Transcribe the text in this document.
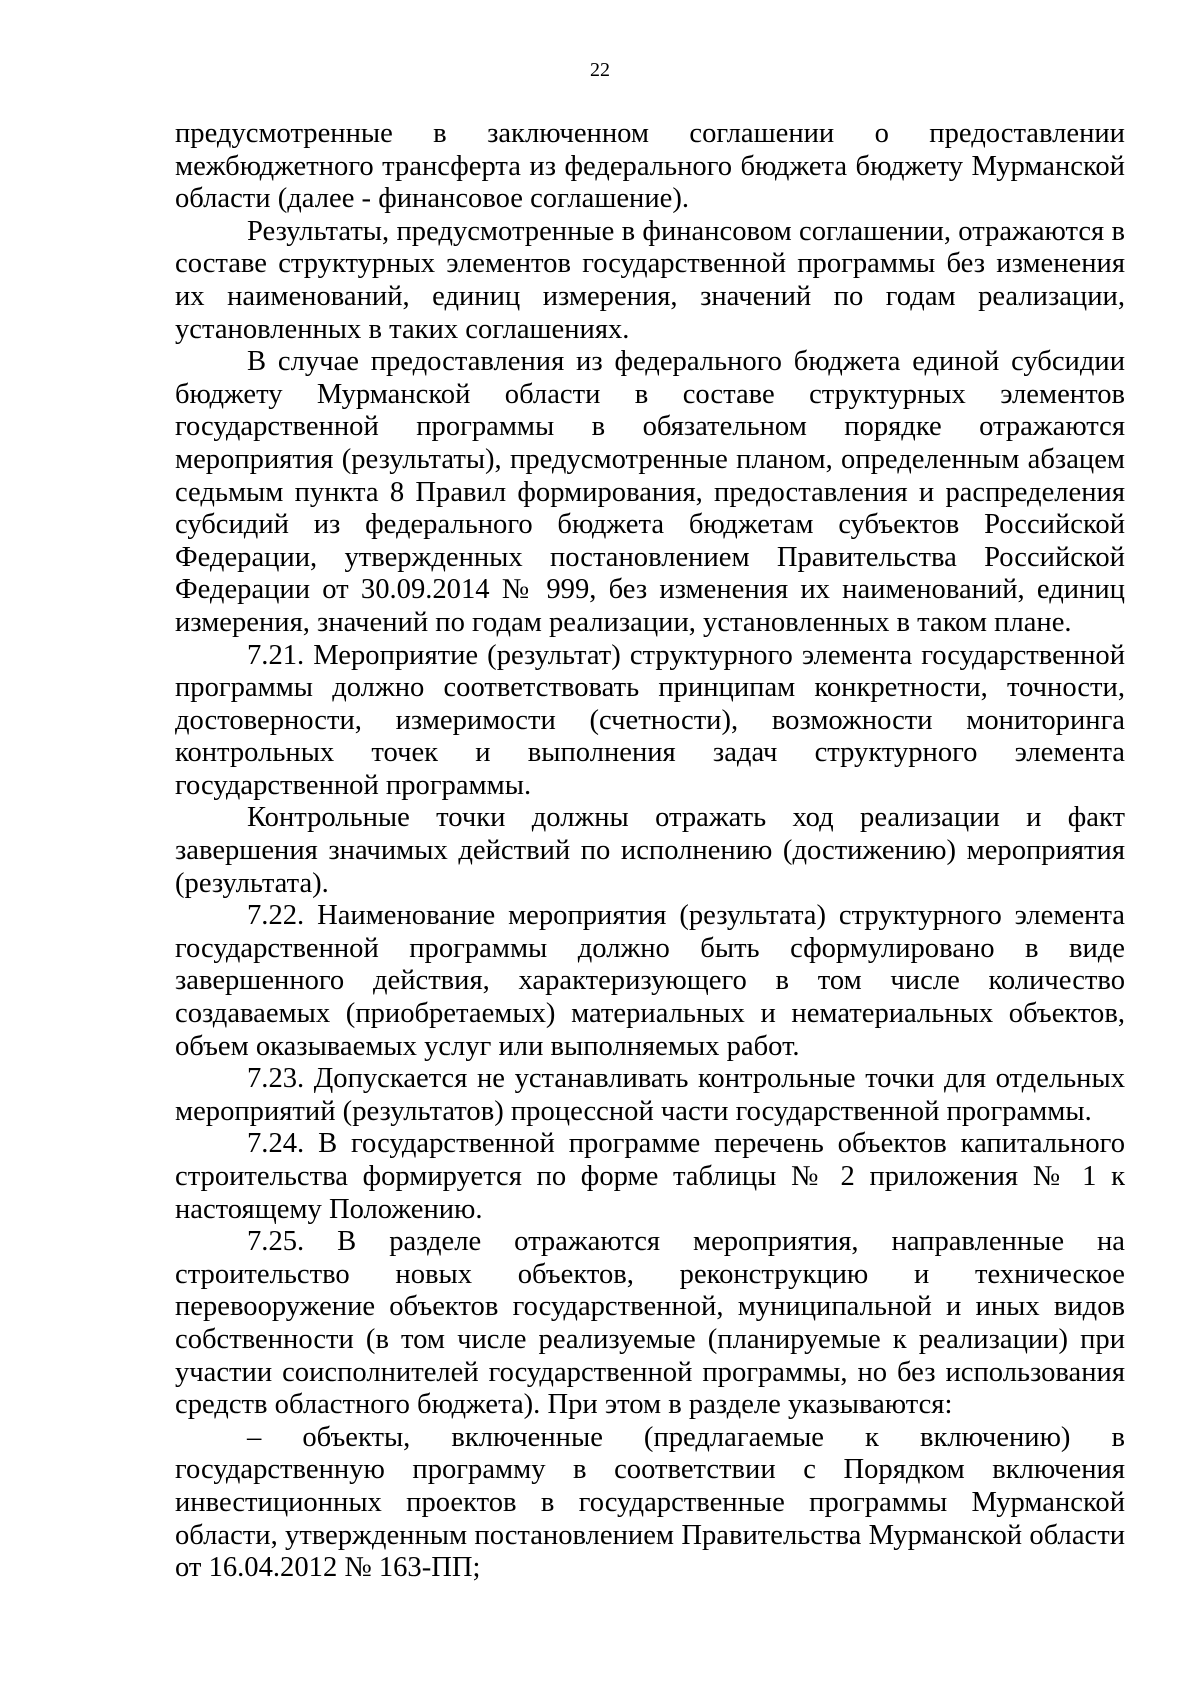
22

предусмотренные в заключенном соглашении о предоставлении межбюджетного трансферта из федерального бюджета бюджету Мурманской области (далее - финансовое соглашение).

Результаты, предусмотренные в финансовом соглашении, отражаются в составе структурных элементов государственной программы без изменения их наименований, единиц измерения, значений по годам реализации, установленных в таких соглашениях.

В случае предоставления из федерального бюджета единой субсидии бюджету Мурманской области в составе структурных элементов государственной программы в обязательном порядке отражаются мероприятия (результаты), предусмотренные планом, определенным абзацем седьмым пункта 8 Правил формирования, предоставления и распределения субсидий из федерального бюджета бюджетам субъектов Российской Федерации, утвержденных постановлением Правительства Российской Федерации от 30.09.2014 № 999, без изменения их наименований, единиц измерения, значений по годам реализации, установленных в таком плане.

7.21. Мероприятие (результат) структурного элемента государственной программы должно соответствовать принципам конкретности, точности, достоверности, измеримости (счетности), возможности мониторинга контрольных точек и выполнения задач структурного элемента государственной программы.

Контрольные точки должны отражать ход реализации и факт завершения значимых действий по исполнению (достижению) мероприятия (результата).

7.22. Наименование мероприятия (результата) структурного элемента государственной программы должно быть сформулировано в виде завершенного действия, характеризующего в том числе количество создаваемых (приобретаемых) материальных и нематериальных объектов, объем оказываемых услуг или выполняемых работ.

7.23. Допускается не устанавливать контрольные точки для отдельных мероприятий (результатов) процессной части государственной программы.

7.24. В государственной программе перечень объектов капитального строительства формируется по форме таблицы № 2 приложения № 1 к настоящему Положению.

7.25. В разделе отражаются мероприятия, направленные на строительство новых объектов, реконструкцию и техническое перевооружение объектов государственной, муниципальной и иных видов собственности (в том числе реализуемые (планируемые к реализации) при участии соисполнителей государственной программы, но без использования средств областного бюджета). При этом в разделе указываются:

– объекты, включенные (предлагаемые к включению) в государственную программу в соответствии с Порядком включения инвестиционных проектов в государственные программы Мурманской области, утвержденным постановлением Правительства Мурманской области от 16.04.2012 № 163-ПП;
